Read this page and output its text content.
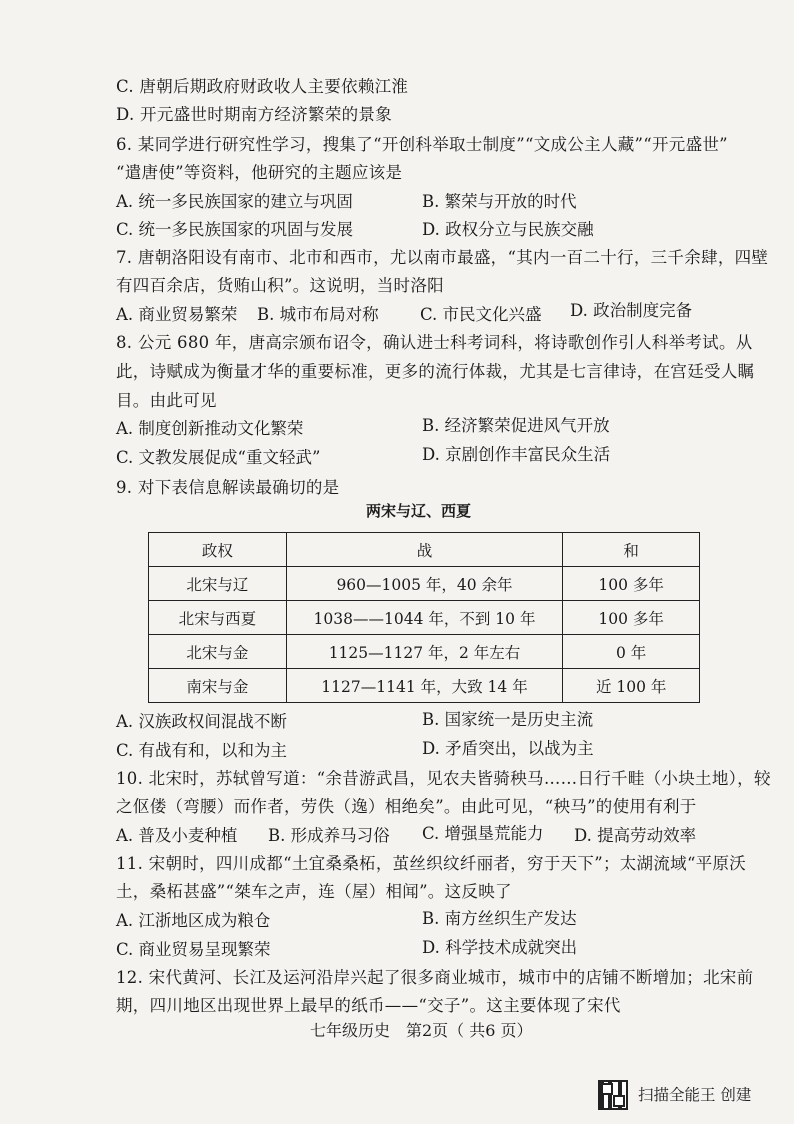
C. 唐朝后期政府财政收人主要依赖江淮
D. 开元盛世时期南方经济繁荣的景象
6. 某同学进行研究性学习，搜集了“开创科举取士制度”“文成公主人藏”“开元盛世”
“遣唐使”等资料，他研究的主题应该是
A. 统一多民族国家的建立与巩固	B. 繁荣与开放的时代
C. 统一多民族国家的巩固与发展	D. 政权分立与民族交融
7. 唐朝洛阳设有南市、北市和西市，尤以南市最盛，“其内一百二十行，三千余肆，四壁
有四百余店，货贿山积”。这说明，当时洛阳
A. 商业贸易繁荣 B. 城市布局对称	C. 市民文化兴盛 D. 政治制度完备
8. 公元 680 年，唐高宗颁布诏令，确认进士科考词科，将诗歌创作引人科举考试。从
此，诗赋成为衡量才华的重要标准，更多的流行体裁，尤其是七言律诗，在宫廷受人瞩
目。由此可见
A. 制度创新推动文化繁荣	B. 经济繁荣促进风气开放
C. 文教发展促成“重文轻武”	D. 京剧创作丰富民众生活
9. 对下表信息解读最确切的是
两宋与辽、西夏
政权	战	和
北宋与辽	960—1005 年，40 余年	100 多年
北宋与西夏	1038——1044 年，不到 10 年	100 多年
北宋与金	1125—1127 年，2 年左右	0 年
南宋与金	1127—1141 年，大致 14 年	近 100 年
A. 汉族政权间混战不断	B. 国家统一是历史主流
C. 有战有和，以和为主	D. 矛盾突出，以战为主
10. 北宋时，苏轼曾写道：“余昔游武昌，见农夫皆骑秧马……日行千畦（小块土地），较
之伛偻（弯腰）而作者，劳佚（逸）相绝矣”。由此可见，“秧马”的使用有利于
A. 普及小麦种植 B. 形成养马习俗 C. 增强垦荒能力 D. 提高劳动效率
11. 宋朝时，四川成都“土宜桑桑柘，茧丝织纹纤丽者，穷于天下”；太湖流域“平原沃
土，桑柘甚盛”“桀车之声，连（屋）相闻”。这反映了
A. 江浙地区成为粮仓	B. 南方丝织生产发达
C. 商业贸易呈现繁荣	D. 科学技术成就突出
12. 宋代黄河、长江及运河沿岸兴起了很多商业城市，城市中的店铺不断增加；北宋前
期，四川地区出现世界上最早的纸币——“交子”。这主要体现了宋代
七年级历史　第2页（ 共6 页）
扫描全能王 创建
